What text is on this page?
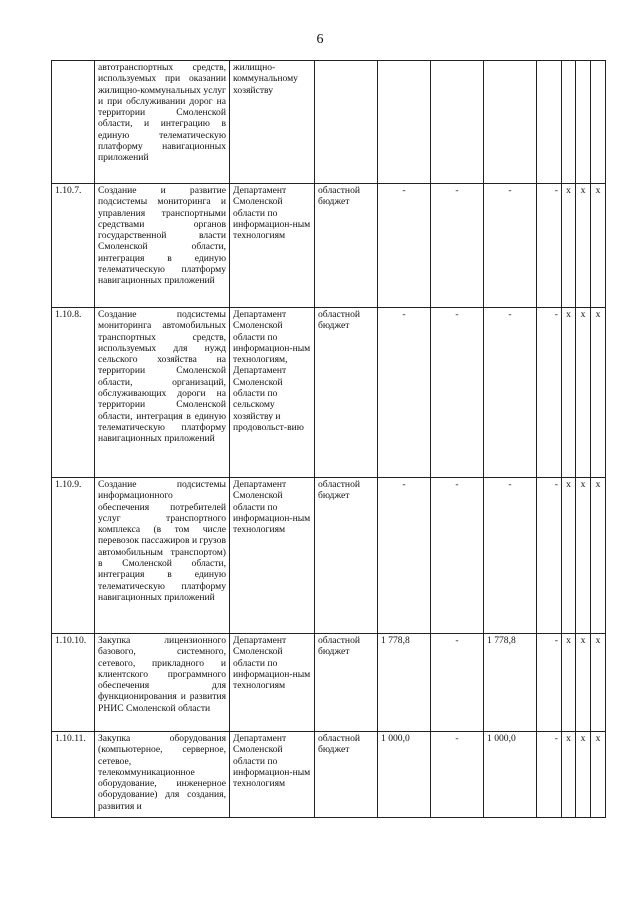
6
	автотранспортных средств, используемых при оказании жилищно-коммунальных услуг и при обслуживании дорог на территории Смоленской области, и интеграцию в единую телематическую платформу навигационных приложений	жилищно-коммунальному хозяйству								
1.10.7.	Создание и развитие подсистемы мониторинга и управления транспортными средствами органов государственной власти Смоленской области, интеграция в единую телематическую платформу навигационных приложений	Департамент Смоленской области по информацион-ным технологиям	областной бюджет	-	-	-	-	x	x	x
1.10.8.	Создание подсистемы мониторинга автомобильных транспортных средств, используемых для нужд сельского хозяйства на территории Смоленской области, организаций, обслуживающих дороги на территории Смоленской области, интеграция в единую телематическую платформу навигационных приложений	Департамент Смоленской области по информацион-ным технологиям, Департамент Смоленской области по сельскому хозяйству и продовольст-вию	областной бюджет	-	-	-	-	x	x	x
1.10.9.	Создание подсистемы информационного обеспечения потребителей услуг транспортного комплекса (в том числе перевозок пассажиров и грузов автомобильным транспортом) в Смоленской области, интеграция в единую телематическую платформу навигационных приложений	Департамент Смоленской области по информацион-ным технологиям	областной бюджет	-	-	-	-	x	x	x
1.10.10.	Закупка лицензионного базового, системного, сетевого, прикладного и клиентского программного обеспечения для функционирования и развития РНИС Смоленской области	Департамент Смоленской области по информацион-ным технологиям	областной бюджет	1 778,8	-	1 778,8	-	x	x	x
1.10.11.	Закупка оборудования (компьютерное, серверное, сетевое, телекоммуникационное оборудование, инженерное оборудование) для создания, развития и	Департамент Смоленской области по информацион-ным технологиям	областной бюджет	1 000,0	-	1 000,0	-	x	x	x
